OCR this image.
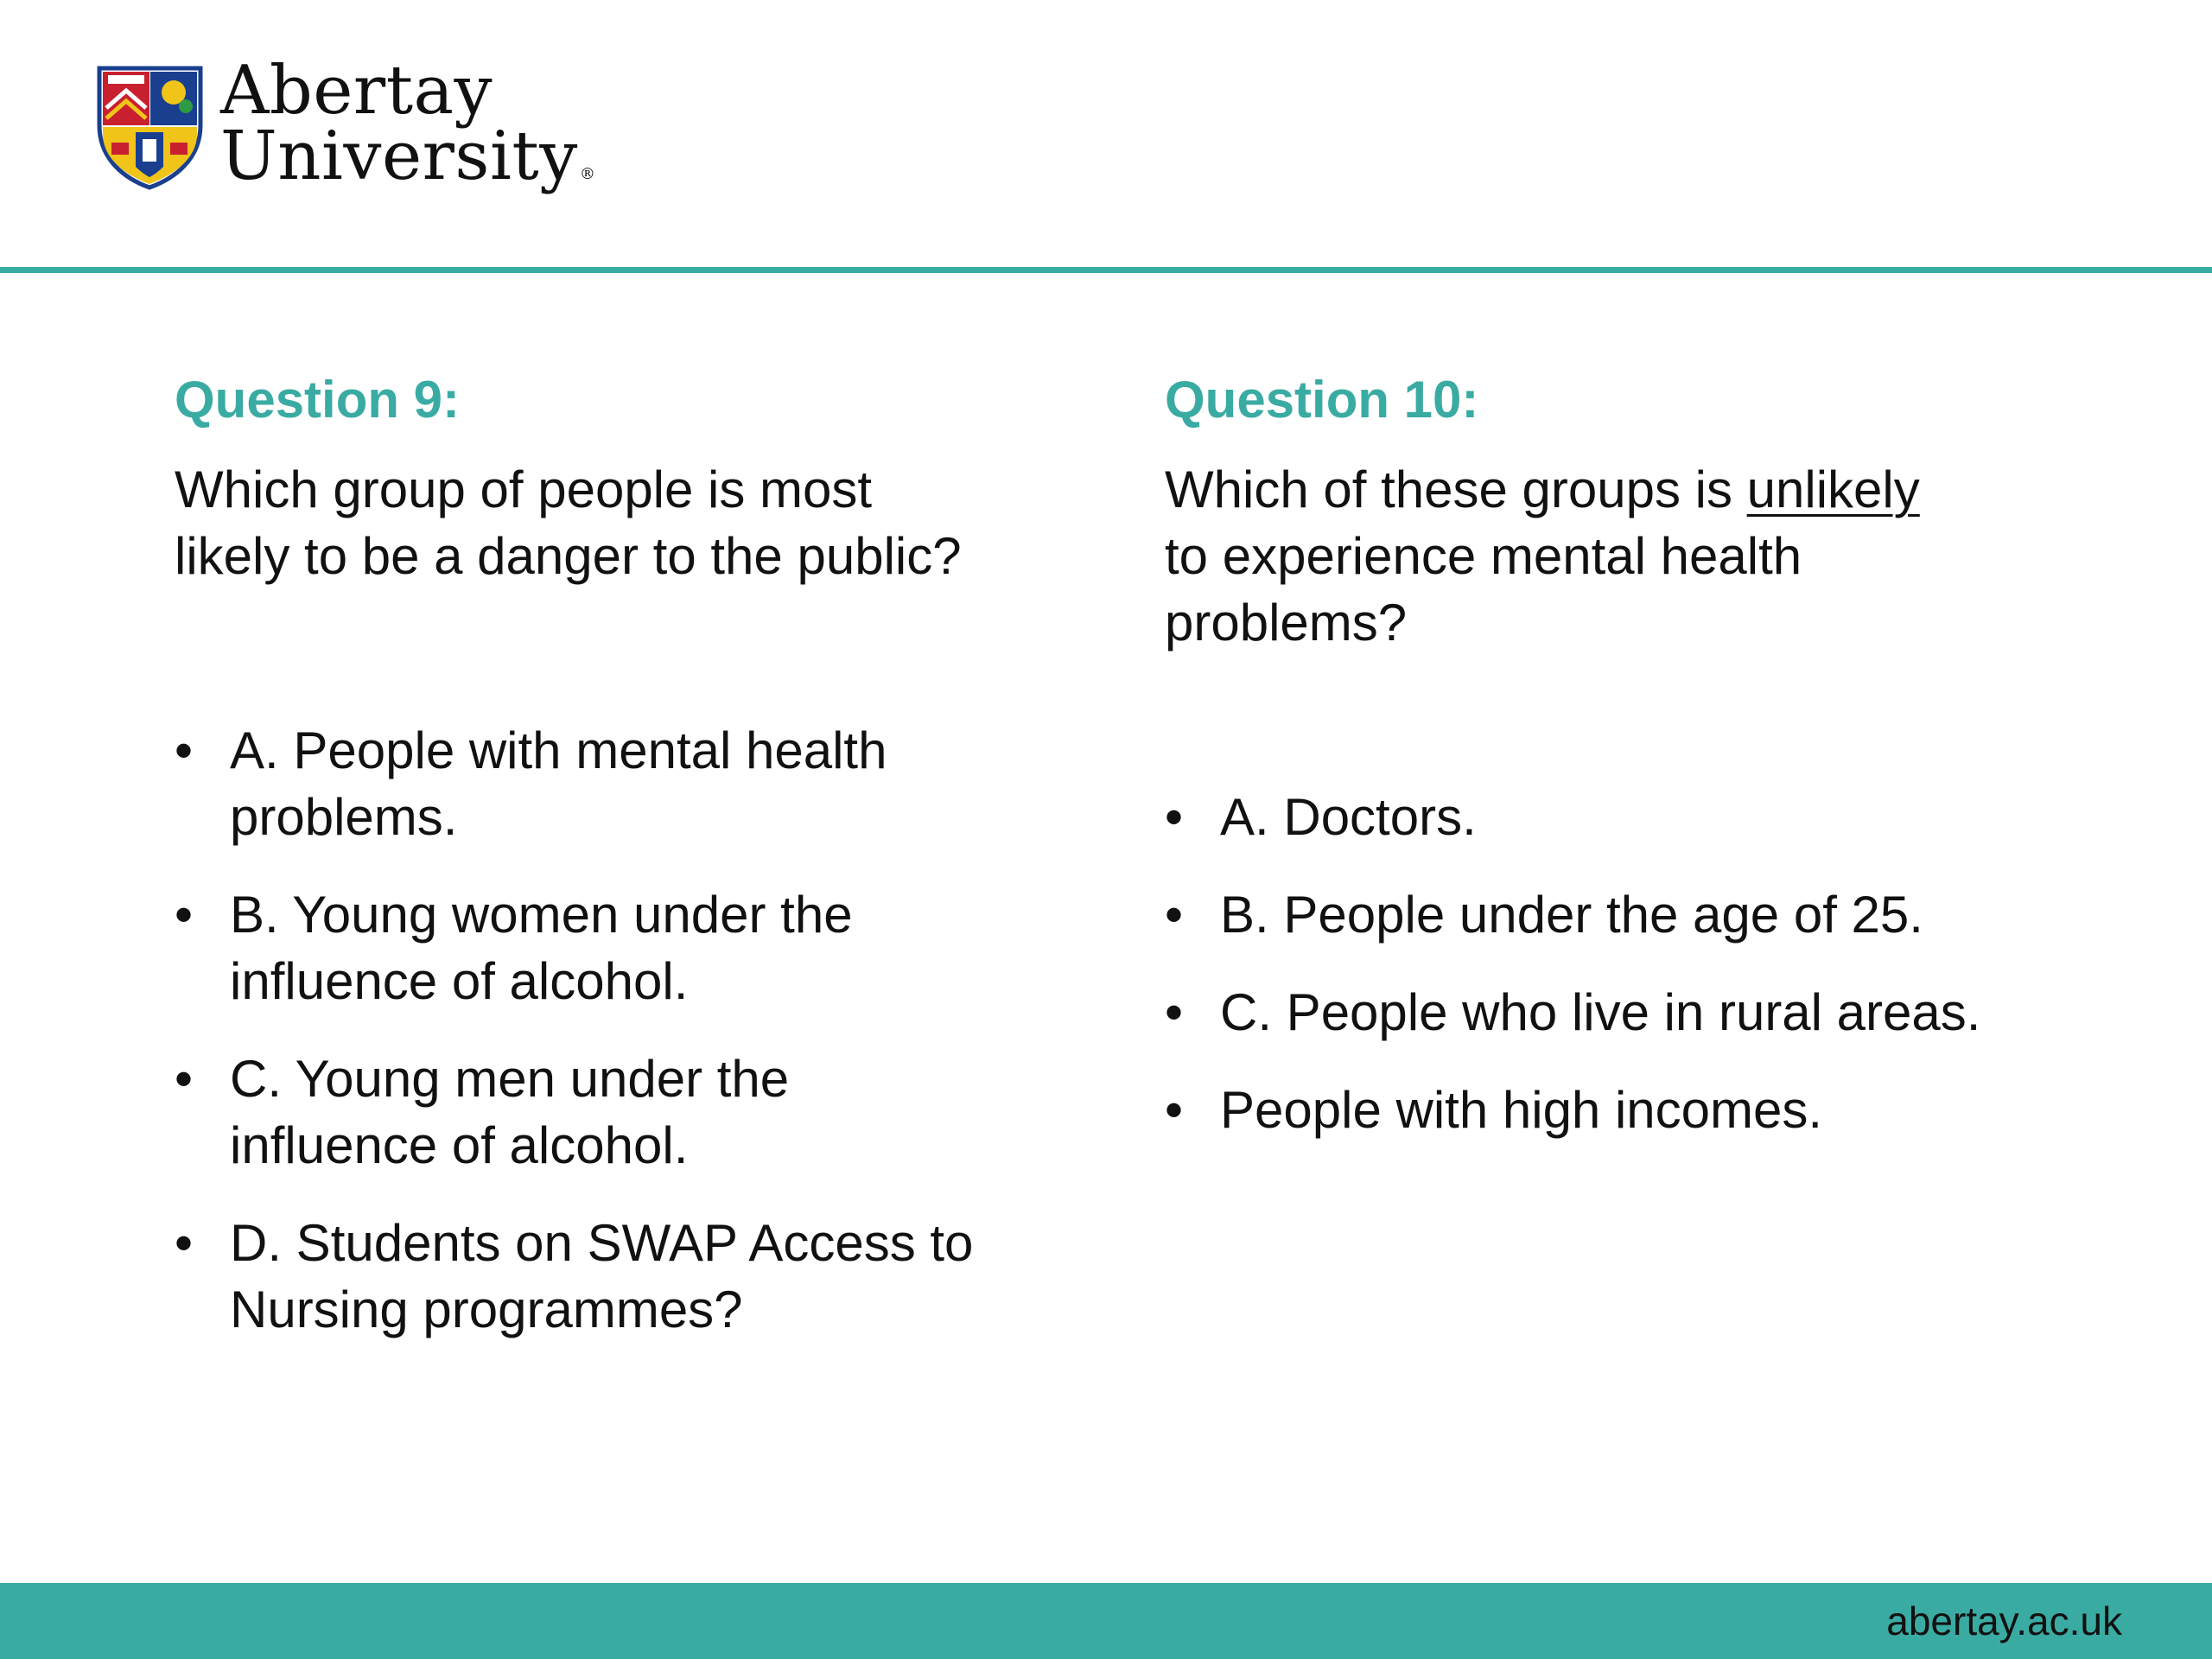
Abertay
University ®
Question 9:

Which group of people is most
likely to be a danger to the public?

• A. People with mental health
problems.
• B. Young women under the
influence of alcohol.
• C. Young men under the
influence of alcohol.
• D. Students on SWAP Access to
Nursing programmes?
Question 10:

Which of these groups is unlikely
to experience mental health
problems?

• A. Doctors.
• B. People under the age of 25.
• C. People who live in rural areas.
• People with high incomes.
abertay.ac.uk
